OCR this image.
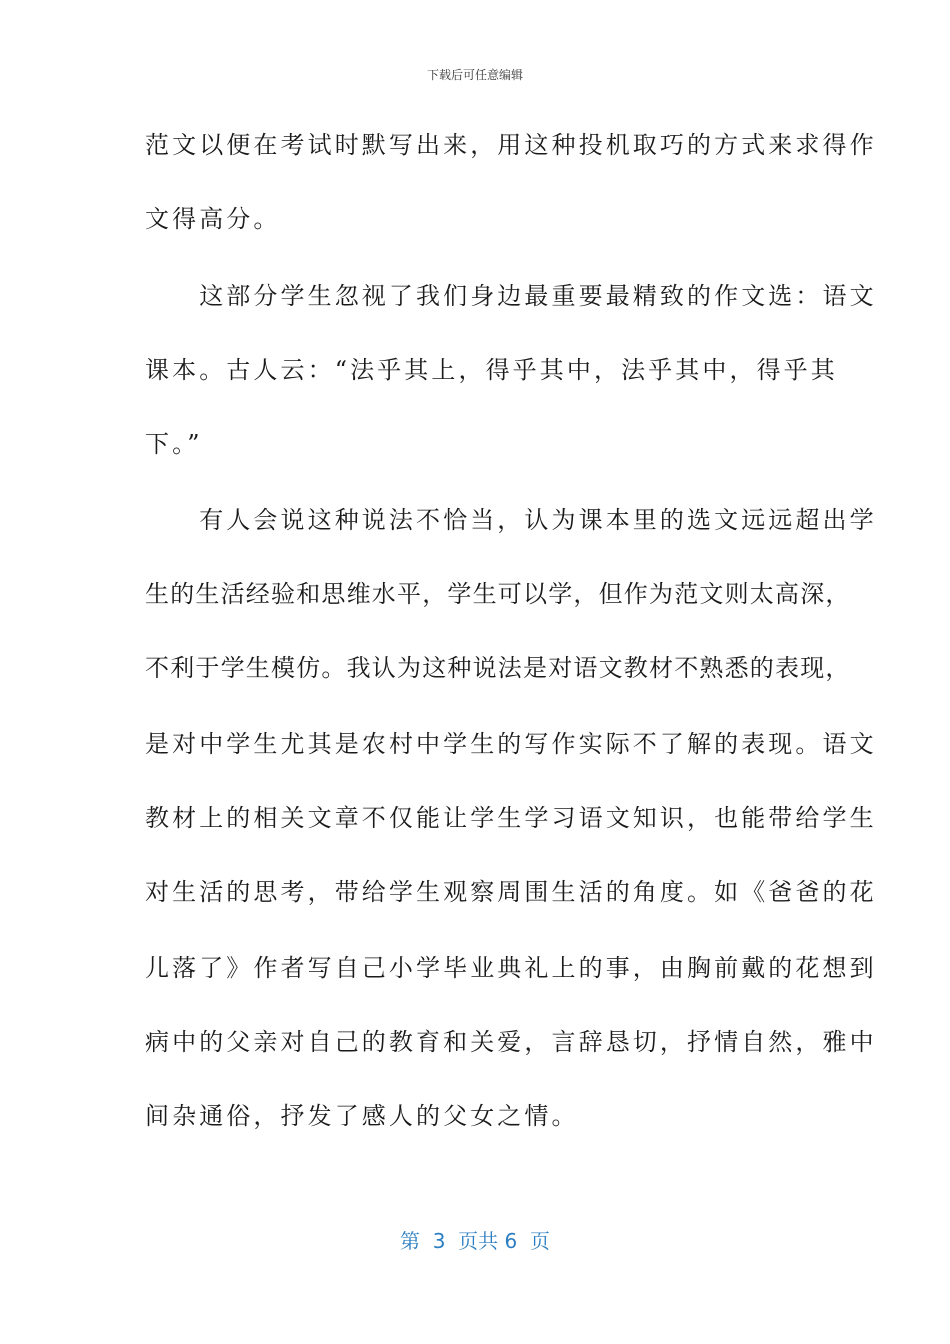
下载后可任意编辑
范文以便在考试时默写出来，用这种投机取巧的方式来求得作
文得高分。
　　这部分学生忽视了我们身边最重要最精致的作文选：语文
课本。古人云：“法乎其上，得乎其中，法乎其中，得乎其
下。”
　　有人会说这种说法不恰当，认为课本里的选文远远超出学
生的生活经验和思维水平，学生可以学，但作为范文则太高深，
不利于学生模仿。我认为这种说法是对语文教材不熟悉的表现，
是对中学生尤其是农村中学生的写作实际不了解的表现。语文
教材上的相关文章不仅能让学生学习语文知识，也能带给学生
对生活的思考，带给学生观察周围生活的角度。如《爸爸的花
儿落了》作者写自己小学毕业典礼上的事，由胸前戴的花想到
病中的父亲对自己的教育和关爱，言辞恳切，抒情自然，雅中
间杂通俗，抒发了感人的父女之情。
第  3  页共 6  页
